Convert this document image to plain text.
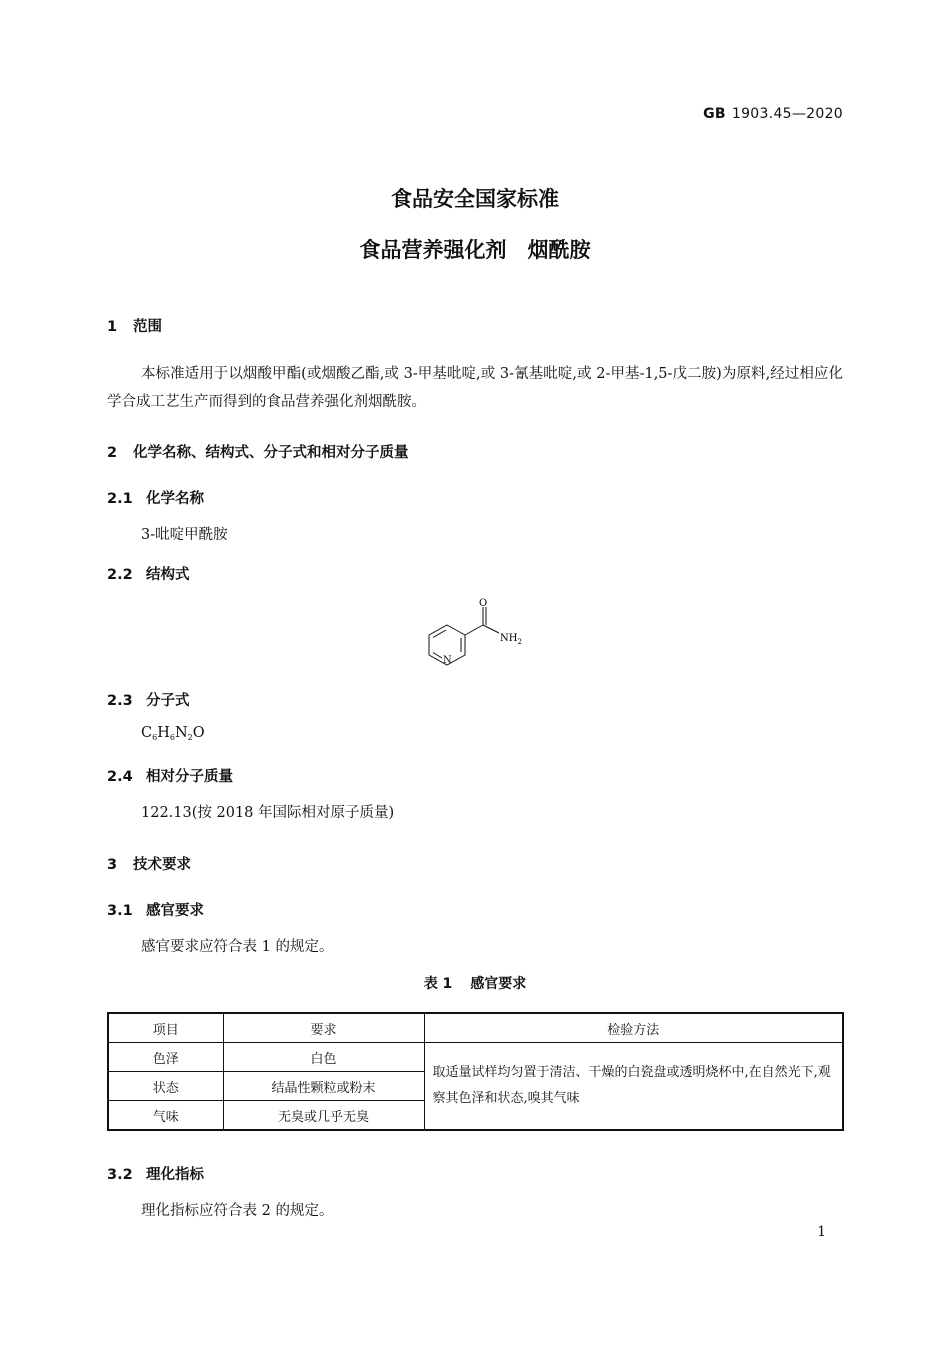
GB 1903.45—2020
食品安全国家标准
食品营养强化剂　烟酰胺
1 范围
本标准适用于以烟酸甲酯(或烟酸乙酯,或 3-甲基吡啶,或 3-氰基吡啶,或 2-甲基-1,5-戊二胺)为原料,经过相应化学合成工艺生产而得到的食品营养强化剂烟酰胺。
2 化学名称、结构式、分子式和相对分子质量
2.1 化学名称
3-吡啶甲酰胺
2.2 结构式
O
$NH_2$
N
2.3 分子式
$C_6H_6N_2O$
2.4 相对分子质量
122.13(按 2018 年国际相对原子质量)
3 技术要求
3.1 感官要求
感官要求应符合表 1 的规定。
表 1 感官要求
项目	要求	检验方法
色泽	白色	取适量试样均匀置于清洁、干燥的白瓷盘或透明烧杯中,在自然光下,观察其色泽和状态,嗅其气味
状态	结晶性颗粒或粉末	
气味	无臭或几乎无臭	
3.2 理化指标
理化指标应符合表 2 的规定。
1
